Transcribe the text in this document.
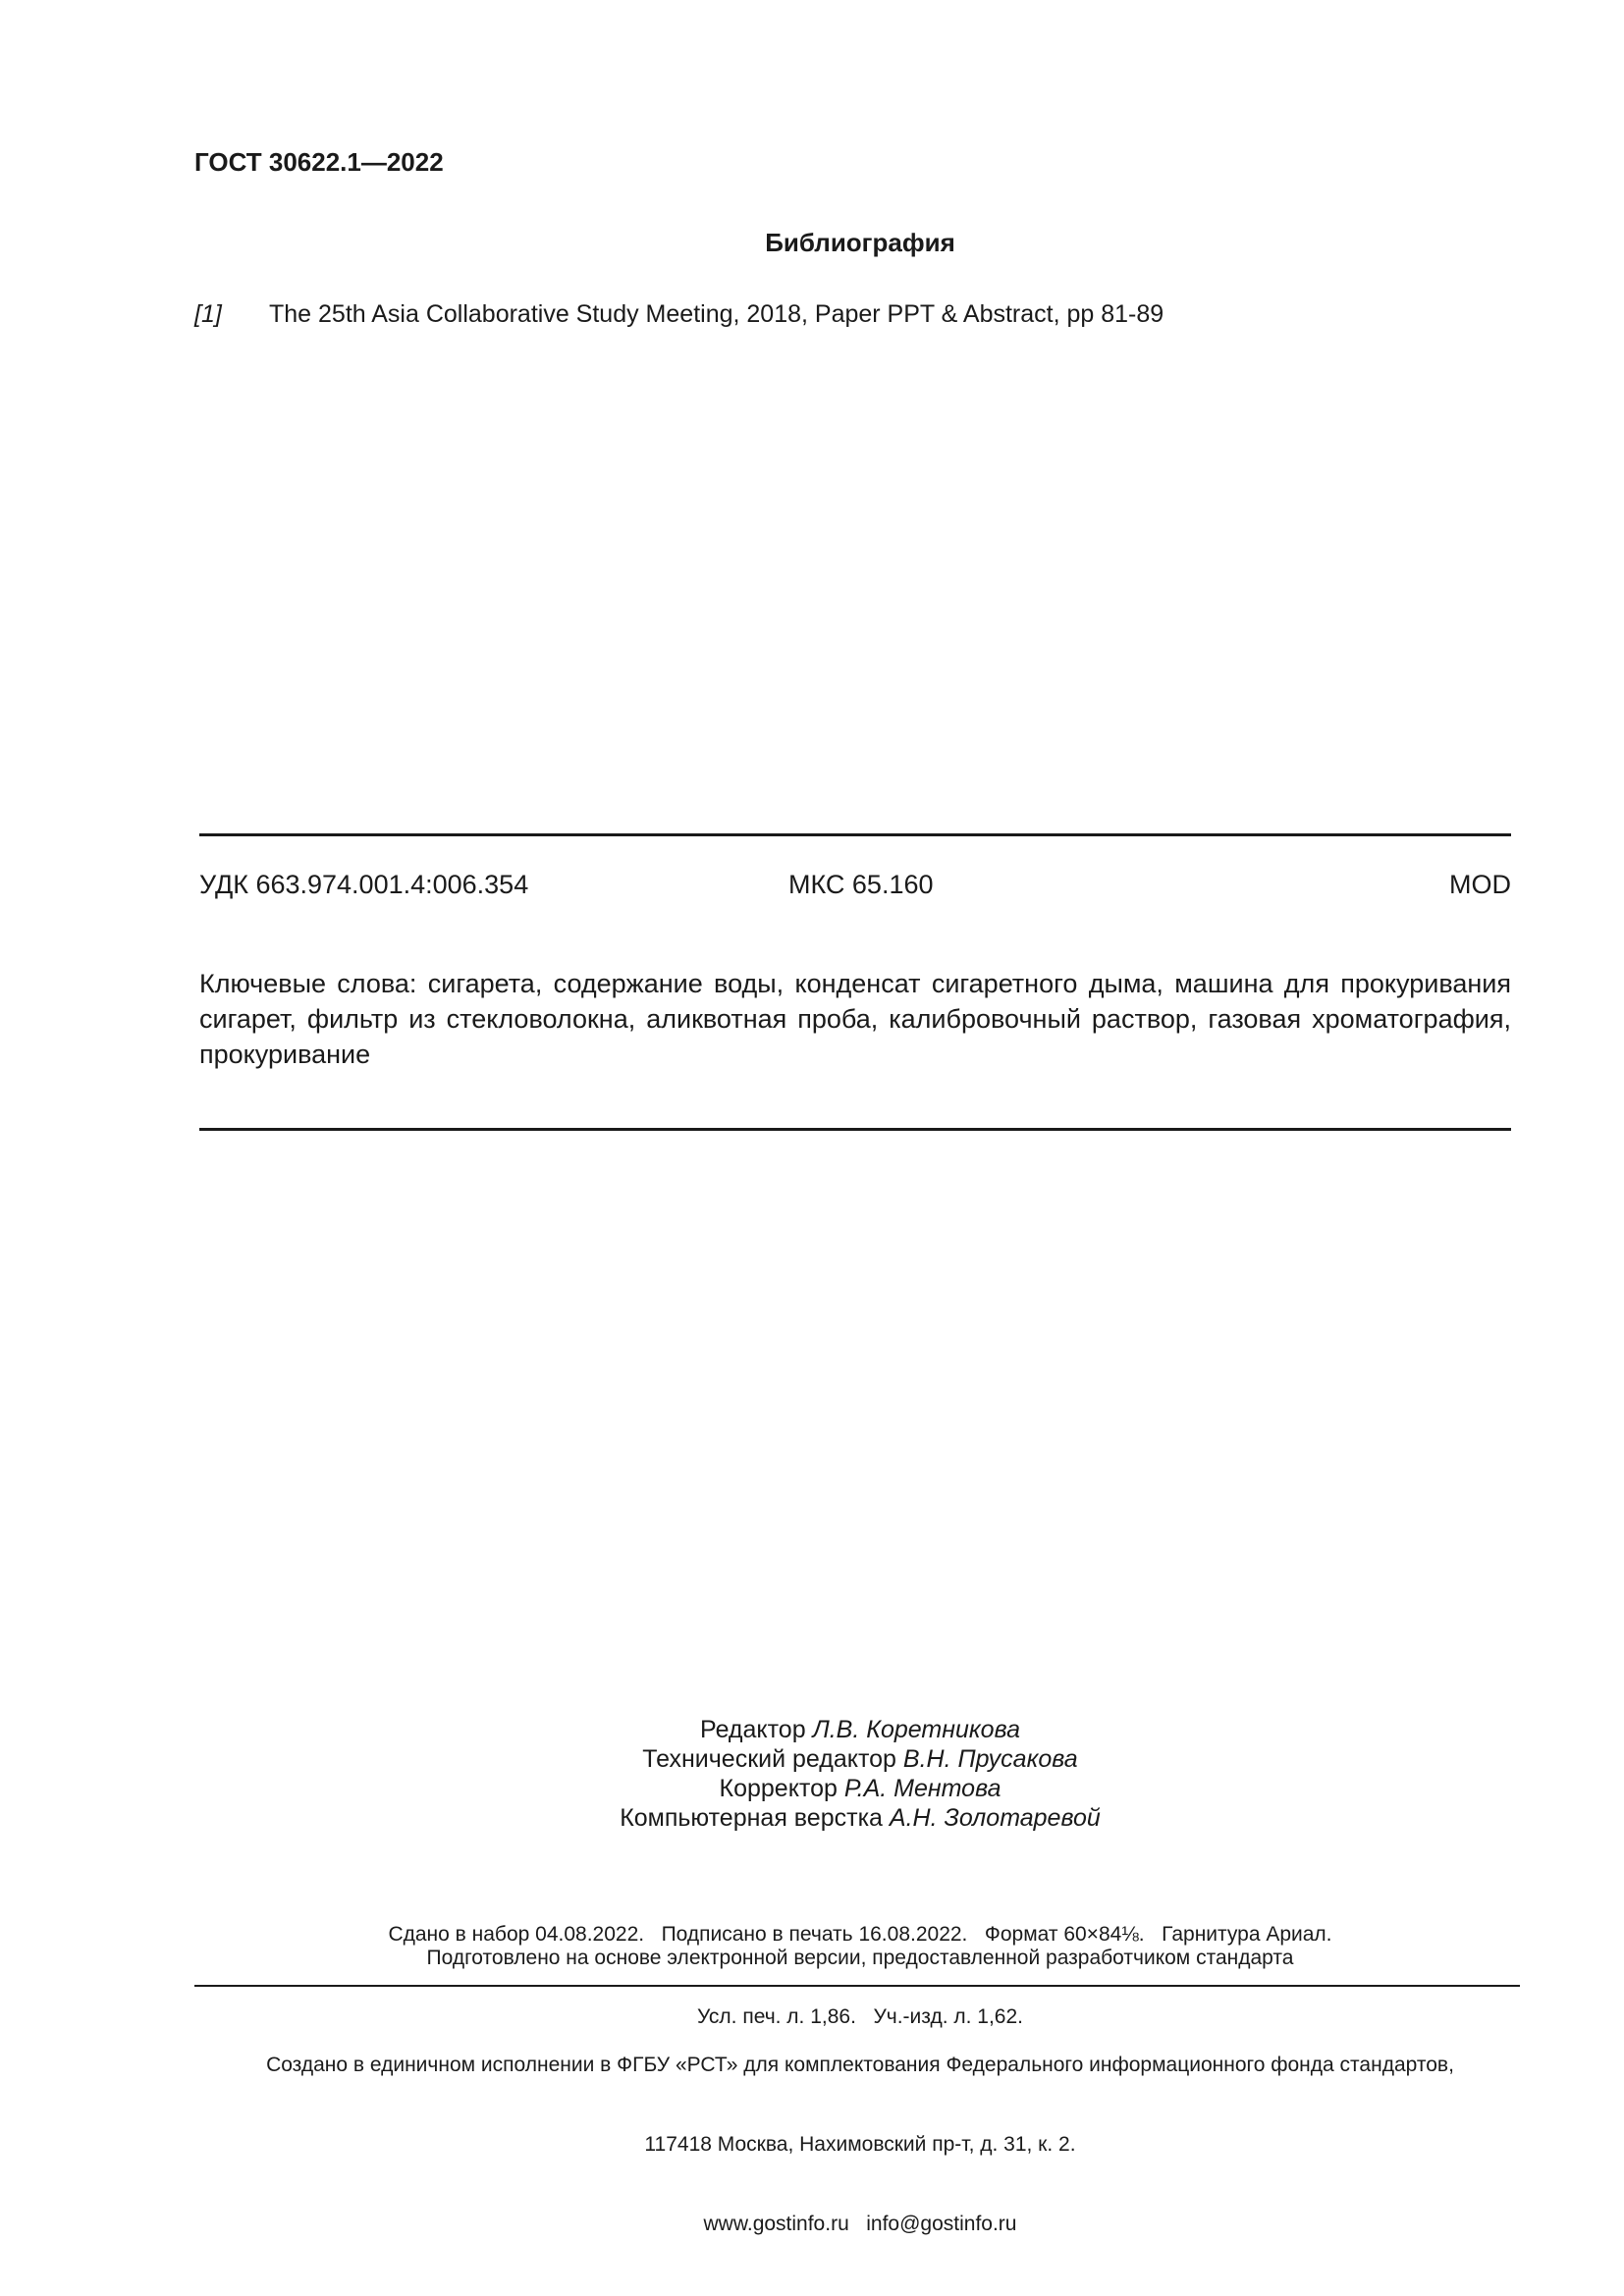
ГОСТ 30622.1—2022
Библиография
[1] The 25th Asia Collaborative Study Meeting, 2018, Paper PPT & Abstract, pp 81-89
УДК 663.974.001.4:006.354	МКС 65.160	MOD
Ключевые слова: сигарета, содержание воды, конденсат сигаретного дыма, машина для прокуривания сигарет, фильтр из стекловолокна, аликвотная проба, калибровочный раствор, газовая хроматография, прокуривание
Редактор Л.В. Коретникова
Технический редактор В.Н. Прусакова
Корректор Р.А. Ментова
Компьютерная верстка А.Н. Золотаревой

Сдано в набор 04.08.2022.   Подписано в печать 16.08.2022.   Формат 60×84⅛.   Гарнитура Ариал.

Усл. печ. л. 1,86.   Уч.-изд. л. 1,62.

Подготовлено на основе электронной версии, предоставленной разработчиком стандарта

Создано в единичном исполнении в ФГБУ «РСТ» для комплектования Федерального информационного фонда стандартов,

117418 Москва, Нахимовский пр-т, д. 31, к. 2.

www.gostinfo.ru   info@gostinfo.ru
